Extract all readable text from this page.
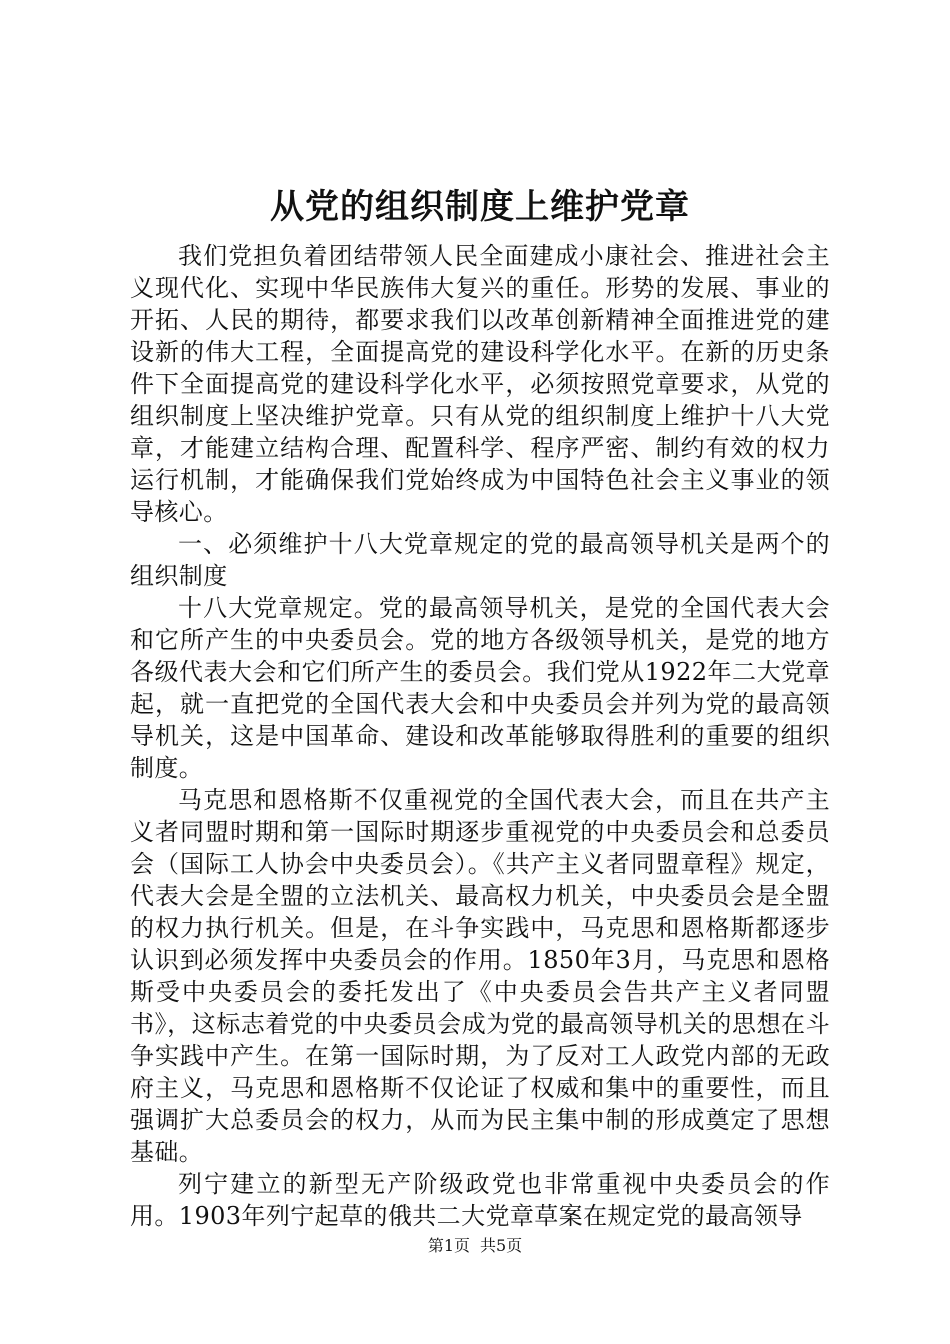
从党的组织制度上维护党章

我们党担负着团结带领人民全面建成小康社会、推进社会主义现代化、实现中华民族伟大复兴的重任。形势的发展、事业的开拓、人民的期待，都要求我们以改革创新精神全面推进党的建设新的伟大工程，全面提高党的建设科学化水平。在新的历史条件下全面提高党的建设科学化水平，必须按照党章要求，从党的组织制度上坚决维护党章。只有从党的组织制度上维护十八大党章，才能建立结构合理、配置科学、程序严密、制约有效的权力运行机制，才能确保我们党始终成为中国特色社会主义事业的领导核心。

一、必须维护十八大党章规定的党的最高领导机关是两个的组织制度

十八大党章规定。党的最高领导机关，是党的全国代表大会和它所产生的中央委员会。党的地方各级领导机关，是党的地方各级代表大会和它们所产生的委员会。我们党从1922年二大党章起，就一直把党的全国代表大会和中央委员会并列为党的最高领导机关，这是中国革命、建设和改革能够取得胜利的重要的组织制度。

马克思和恩格斯不仅重视党的全国代表大会，而且在共产主义者同盟时期和第一国际时期逐步重视党的中央委员会和总委员会（国际工人协会中央委员会）。《共产主义者同盟章程》规定，代表大会是全盟的立法机关、最高权力机关，中央委员会是全盟的权力执行机关。但是，在斗争实践中，马克思和恩格斯都逐步认识到必须发挥中央委员会的作用。1850年3月，马克思和恩格斯受中央委员会的委托发出了《中央委员会告共产主义者同盟书》，这标志着党的中央委员会成为党的最高领导机关的思想在斗争实践中产生。在第一国际时期，为了反对工人政党内部的无政府主义，马克思和恩格斯不仅论证了权威和集中的重要性，而且强调扩大总委员会的权力，从而为民主集中制的形成奠定了思想基础。

列宁建立的新型无产阶级政党也非常重视中央委员会的作用。1903年列宁起草的俄共二大党章草案在规定党的最高领导

第1页 共5页
